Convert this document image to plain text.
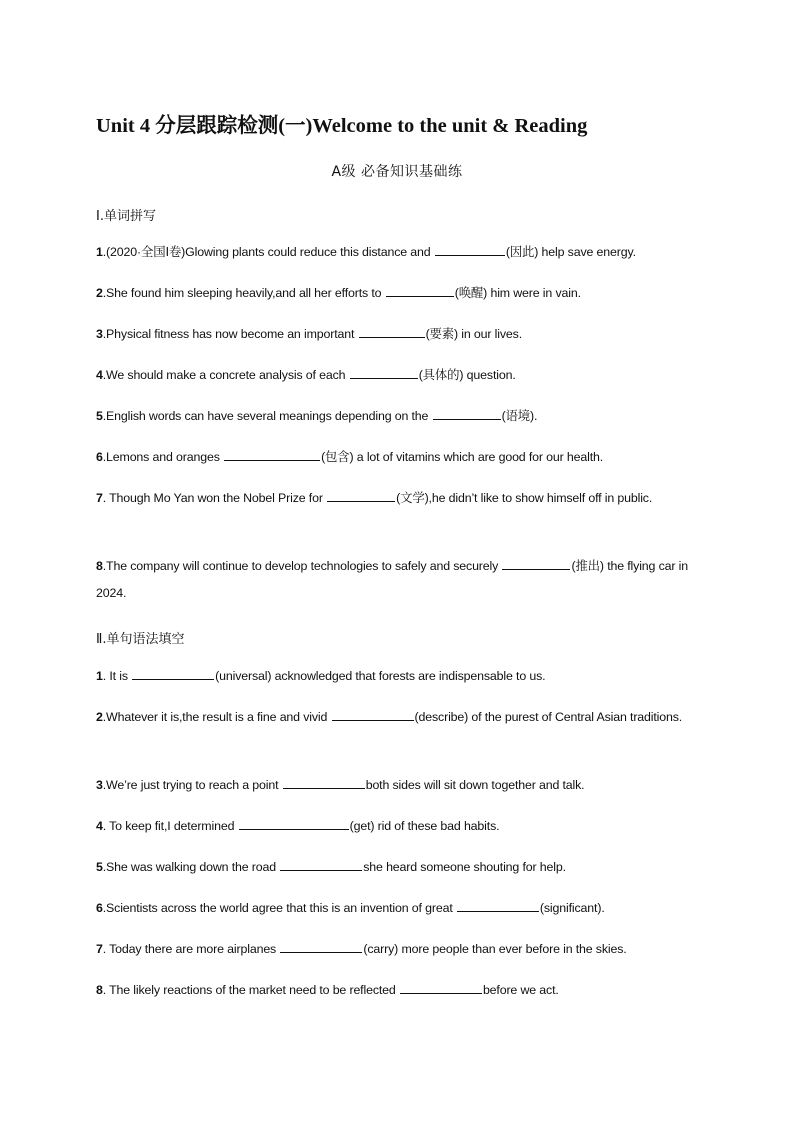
Unit 4 分层跟踪检测(一)Welcome to the unit & Reading
A级 必备知识基础练
Ⅰ.单词拼写
1.(2020·全国Ⅰ卷)Glowing plants could reduce this distance and	(因此) help save energy.
2.She found him sleeping heavily,and all her efforts to	(唤醒) him were in vain.
3.Physical fitness has now become an important	(要素) in our lives.
4.We should make a concrete analysis of each	(具体的) question.
5.English words can have several meanings depending on the	(语境).
6.Lemons and oranges	(包含) a lot of vitamins which are good for our health.
7. Though Mo Yan won the Nobel Prize for	(文学),he didn’t like to show himself off in public.
8.The company will continue to develop technologies to safely and securely	(推出) the flying car in 2024.
Ⅱ.单句语法填空
1. It is	(universal) acknowledged that forests are indispensable to us.
2.Whatever it is,the result is a fine and vivid	(describe) of the purest of Central Asian traditions.
3.We’re just trying to reach a point	both sides will sit down together and talk.
4. To keep fit,I determined	(get) rid of these bad habits.
5.She was walking down the road	she heard someone shouting for help.
6.Scientists across the world agree that this is an invention of great	(significant).
7. Today there are more airplanes	(carry) more people than ever before in the skies.
8. The likely reactions of the market need to be reflected	before we act.
